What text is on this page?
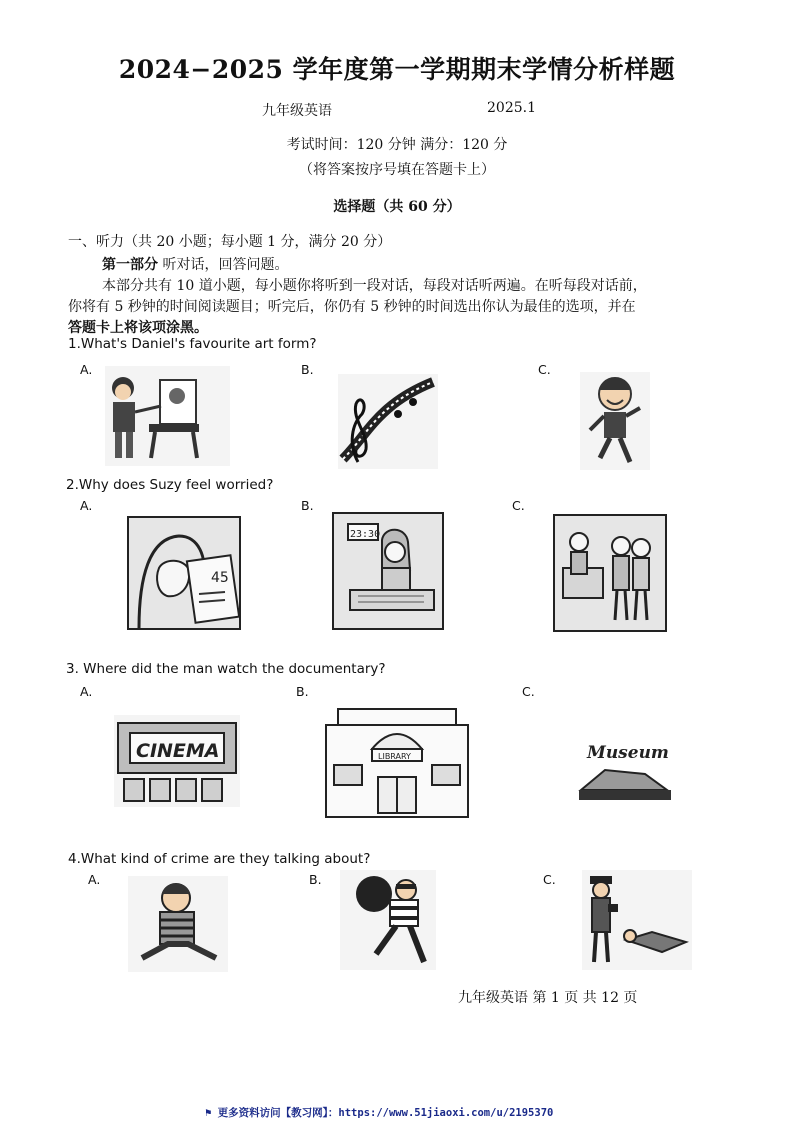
2024−2025 学年度第一学期期末学情分析样题
九年级英语	2025.1
考试时间：120 分钟 满分：120 分
（将答案按序号填在答题卡上）
选择题（共 60 分）
一、听力（共 20 小题；每小题 1 分，满分 20 分）
第一部分 听对话，回答问题。
本部分共有 10 道小题，每小题你将听到一段对话，每段对话听两遍。在听每段对话前，
你将有 5 秒钟的时间阅读题目；听完后，你仍有 5 秒钟的时间选出你认为最佳的选项，并在
答题卡上将该项涂黑。
1.What's Daniel's favourite art form?
A.	B.	C.
2.Why does Suzy feel worried?
A.	B.	C.
45
23:30
3. Where did the man watch the documentary?
A.	B.	C.
CINEMA	LIBRARY	Museum
4.What kind of crime are they talking about?
A.	B.	C.
九年级英语 第 1 页 共 12 页
⚑ 更多资料访问【教习网】：https://www.51jiaoxi.com/u/2195370
